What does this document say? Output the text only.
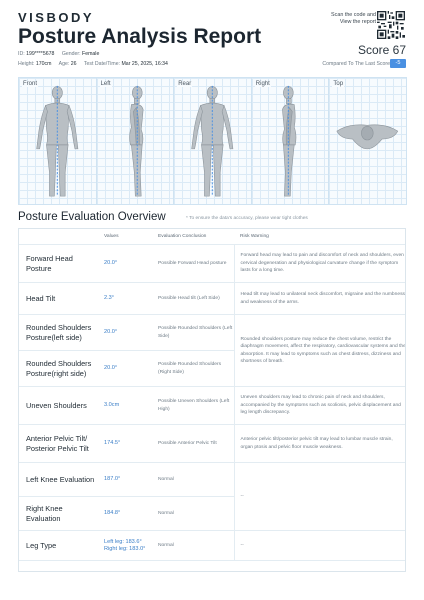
VISBODY
Posture Analysis Report
ID: 199****5678 Gender: Female
Height: 170cm Age: 26 Test Date/Time: Mar 25, 2025, 16:34
Scan the code and View the report
Score 67
Compared To The Last Score	-5
Front	Left	Rear	Right	Top
Posture Evaluation Overview	* To ensure the data's accuracy, please wear tight clothes
	Values	Evaluation Conclusion	Risk Warning
Forward Head Posture	20.0°	Possible Forward Head posture	Forward head may lead to pain and discomfort of neck and shoulders, even cervical degeneration and physiological curvature change if the symptom lasts for a long time.
Head Tilt	2.3°	Possible Head tilt (Left Side)	Head tilt may lead to unilateral neck discomfort, migraine and the numbness and weakness of the arms.
Rounded Shoulders Posture(left side)	20.0°	Possible Rounded Shoulders (Left Side)	Rounded shoulders posture may reduce the chest volume, restrict the diaphragm movement, affect the respiratory, cardiovascular systems and the absorption. It may lead to symptoms such as chest distress, dizziness and shortness of breath.
Rounded Shoulders Posture(right side)	20.0°	Possible Rounded Shoulders (Right Side)	
Uneven Shoulders	3.0cm	Possible Uneven Shoulders (Left High)	Uneven shoulders may lead to chronic pain of neck and shoulders, accompanied by the symptoms such as scoliosis, pelvic displacement and leg length discrepancy.
Anterior Pelvic Tilt/ Posterior Pelvic Tilt	174.5°	Possible Anterior Pelvic Tilt	Anterior pelvic tilt/posterior pelvic tilt may lead to lumbar muscle strain, organ ptosis and pelvic floor muscle weakness.
Left Knee Evaluation	187.0°	Normal	--
Right Knee Evaluation	184.8°	Normal	
Leg Type	Left leg: 183.6°
Right leg: 183.0°	Normal	--
